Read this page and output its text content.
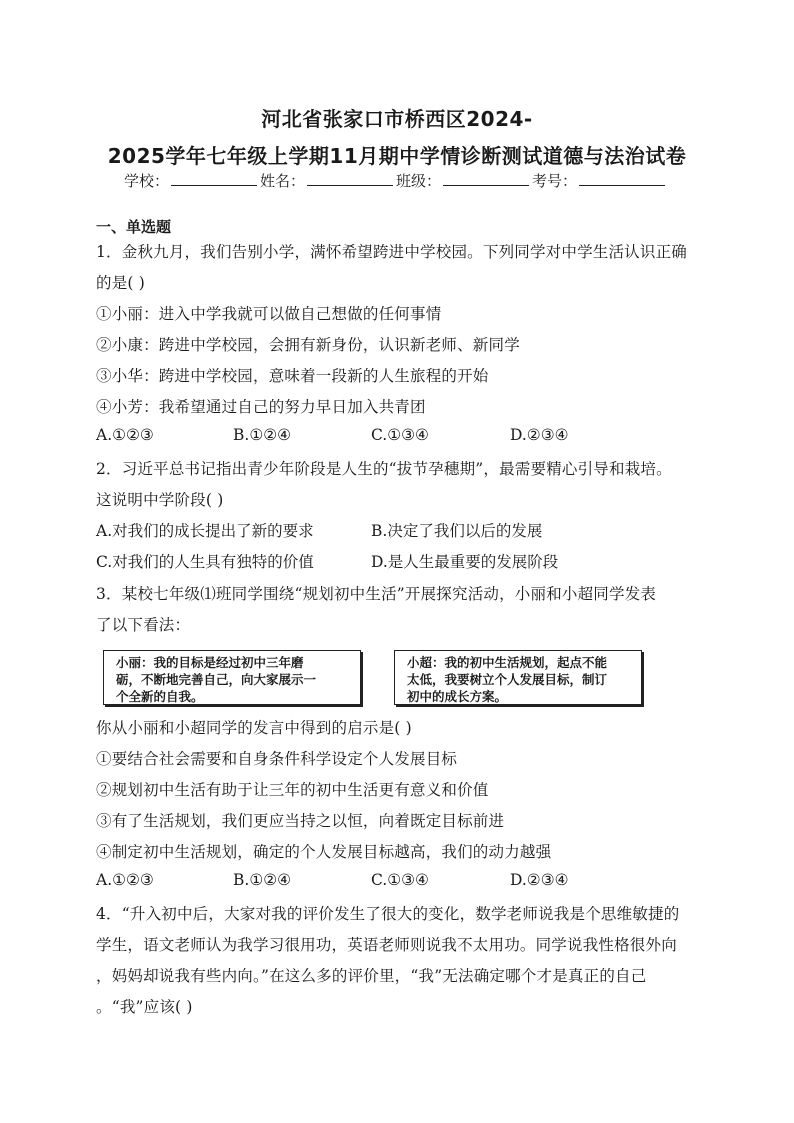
河北省张家口市桥西区2024-
2025学年七年级上学期11月期中学情诊断测试道德与法治试卷
学校：	姓名：	班级：	考号：
一、单选题
1．金秋九月，我们告别小学，满怀希望跨进中学校园。下列同学对中学生活认识正确
的是( )
①小丽：进入中学我就可以做自己想做的任何事情
②小康：跨进中学校园，会拥有新身份，认识新老师、新同学
③小华：跨进中学校园，意味着一段新的人生旅程的开始
④小芳：我希望通过自己的努力早日加入共青团
A.①②③	B.①②④	C.①③④	D.②③④
2．习近平总书记指出青少年阶段是人生的“拔节孕穗期”，最需要精心引导和栽培。
这说明中学阶段( )
A.对我们的成长提出了新的要求	B.决定了我们以后的发展
C.对我们的人生具有独特的价值	D.是人生最重要的发展阶段
3．某校七年级⑴班同学围绕“规划初中生活”开展探究活动，小丽和小超同学发表
了以下看法：
小丽：我的目标是经过初中三年磨
砺，不断地完善自己，向大家展示一
个全新的自我。
小超：我的初中生活规划，起点不能
太低，我要树立个人发展目标，制订
初中的成长方案。
你从小丽和小超同学的发言中得到的启示是( )
①要结合社会需要和自身条件科学设定个人发展目标
②规划初中生活有助于让三年的初中生活更有意义和价值
③有了生活规划，我们更应当持之以恒，向着既定目标前进
④制定初中生活规划，确定的个人发展目标越高，我们的动力越强
A.①②③	B.①②④	C.①③④	D.②③④
4．“升入初中后，大家对我的评价发生了很大的变化，数学老师说我是个思维敏捷的
学生，语文老师认为我学习很用功，英语老师则说我不太用功。同学说我性格很外向
，妈妈却说我有些内向。”在这么多的评价里，“我”无法确定哪个才是真正的自己
。“我”应该( )
